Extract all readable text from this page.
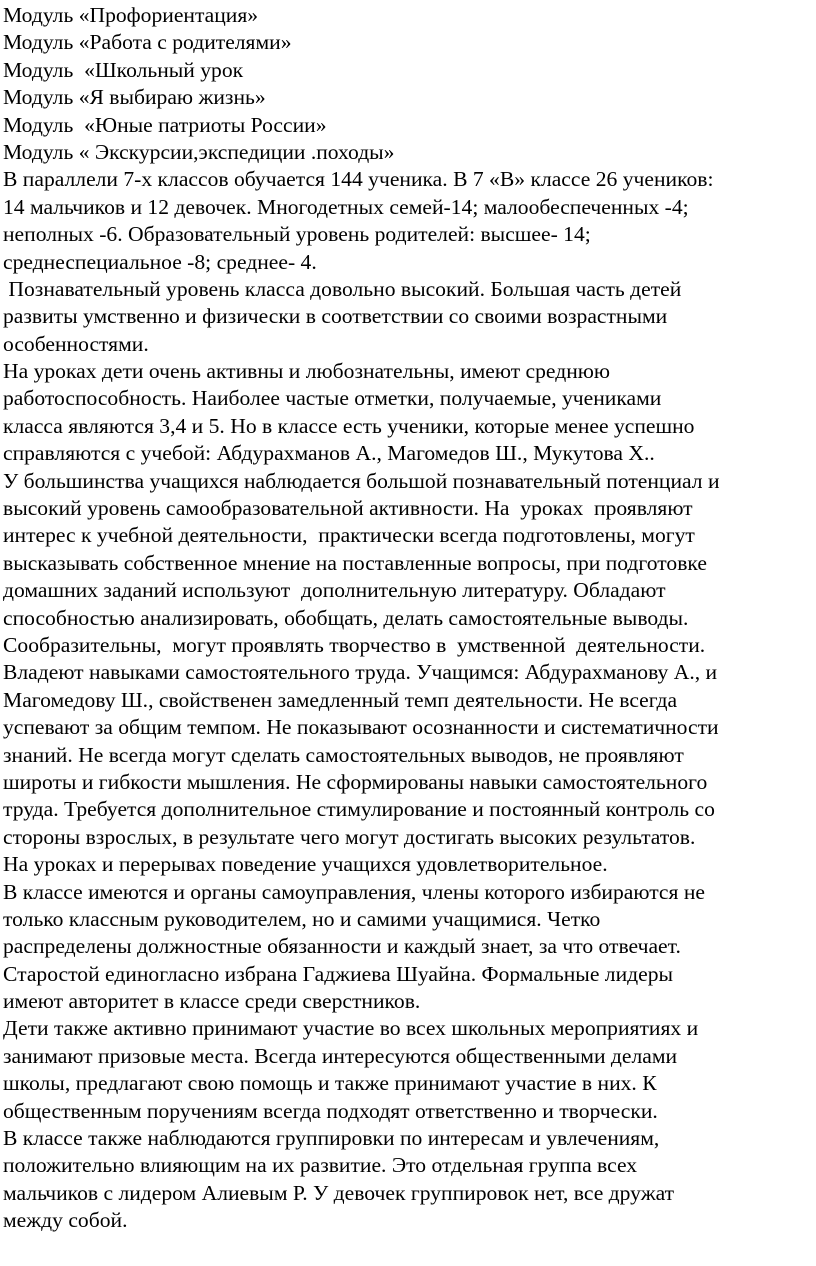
Модуль «Профориентация»
Модуль «Работа с родителями»
Модуль  «Школьный урок
Модуль «Я выбираю жизнь»
Модуль  «Юные патриоты России»
Модуль « Экскурсии,экспедиции .походы»
В параллели 7-х классов обучается 144 ученика. В 7 «В» классе 26 учеников:
14 мальчиков и 12 девочек. Многодетных семей-14; малообеспеченных -4;
неполных -6. Образовательный уровень родителей: высшее- 14;
среднеспециальное -8; среднее- 4.
Познавательный уровень класса довольно высокий. Большая часть детей
развиты умственно и физически в соответствии со своими возрастными
особенностями.
На уроках дети очень активны и любознательны, имеют среднюю
работоспособность. Наиболее частые отметки, получаемые, учениками
класса являются 3,4 и 5. Но в классе есть ученики, которые менее успешно
справляются с учебой: Абдурахманов А., Магомедов Ш., Мукутова Х..
У большинства учащихся наблюдается большой познавательный потенциал и
высокий уровень самообразовательной активности. На  уроках  проявляют
интерес к учебной деятельности,  практически всегда подготовлены, могут
высказывать собственное мнение на поставленные вопросы, при подготовке
домашних заданий используют  дополнительную литературу. Обладают
способностью анализировать, обобщать, делать самостоятельные выводы.
Сообразительны,  могут проявлять творчество в  умственной  деятельности.
Владеют навыками самостоятельного труда. Учащимся: Абдурахманову А., и
Магомедову Ш., свойственен замедленный темп деятельности. Не всегда
успевают за общим темпом. Не показывают осознанности и систематичности
знаний. Не всегда могут сделать самостоятельных выводов, не проявляют
широты и гибкости мышления. Не сформированы навыки самостоятельного
труда. Требуется дополнительное стимулирование и постоянный контроль со
стороны взрослых, в результате чего могут достигать высоких результатов.
На уроках и перерывах поведение учащихся удовлетворительное.
В классе имеются и органы самоуправления, члены которого избираются не
только классным руководителем, но и самими учащимися. Четко
распределены должностные обязанности и каждый знает, за что отвечает.
Старостой единогласно избрана Гаджиева Шуайна. Формальные лидеры
имеют авторитет в классе среди сверстников.
Дети также активно принимают участие во всех школьных мероприятиях и
занимают призовые места. Всегда интересуются общественными делами
школы, предлагают свою помощь и также принимают участие в них. К
общественным поручениям всегда подходят ответственно и творчески.
В классе также наблюдаются группировки по интересам и увлечениям,
положительно влияющим на их развитие. Это отдельная группа всех
мальчиков с лидером Алиевым Р. У девочек группировок нет, все дружат
между собой.
